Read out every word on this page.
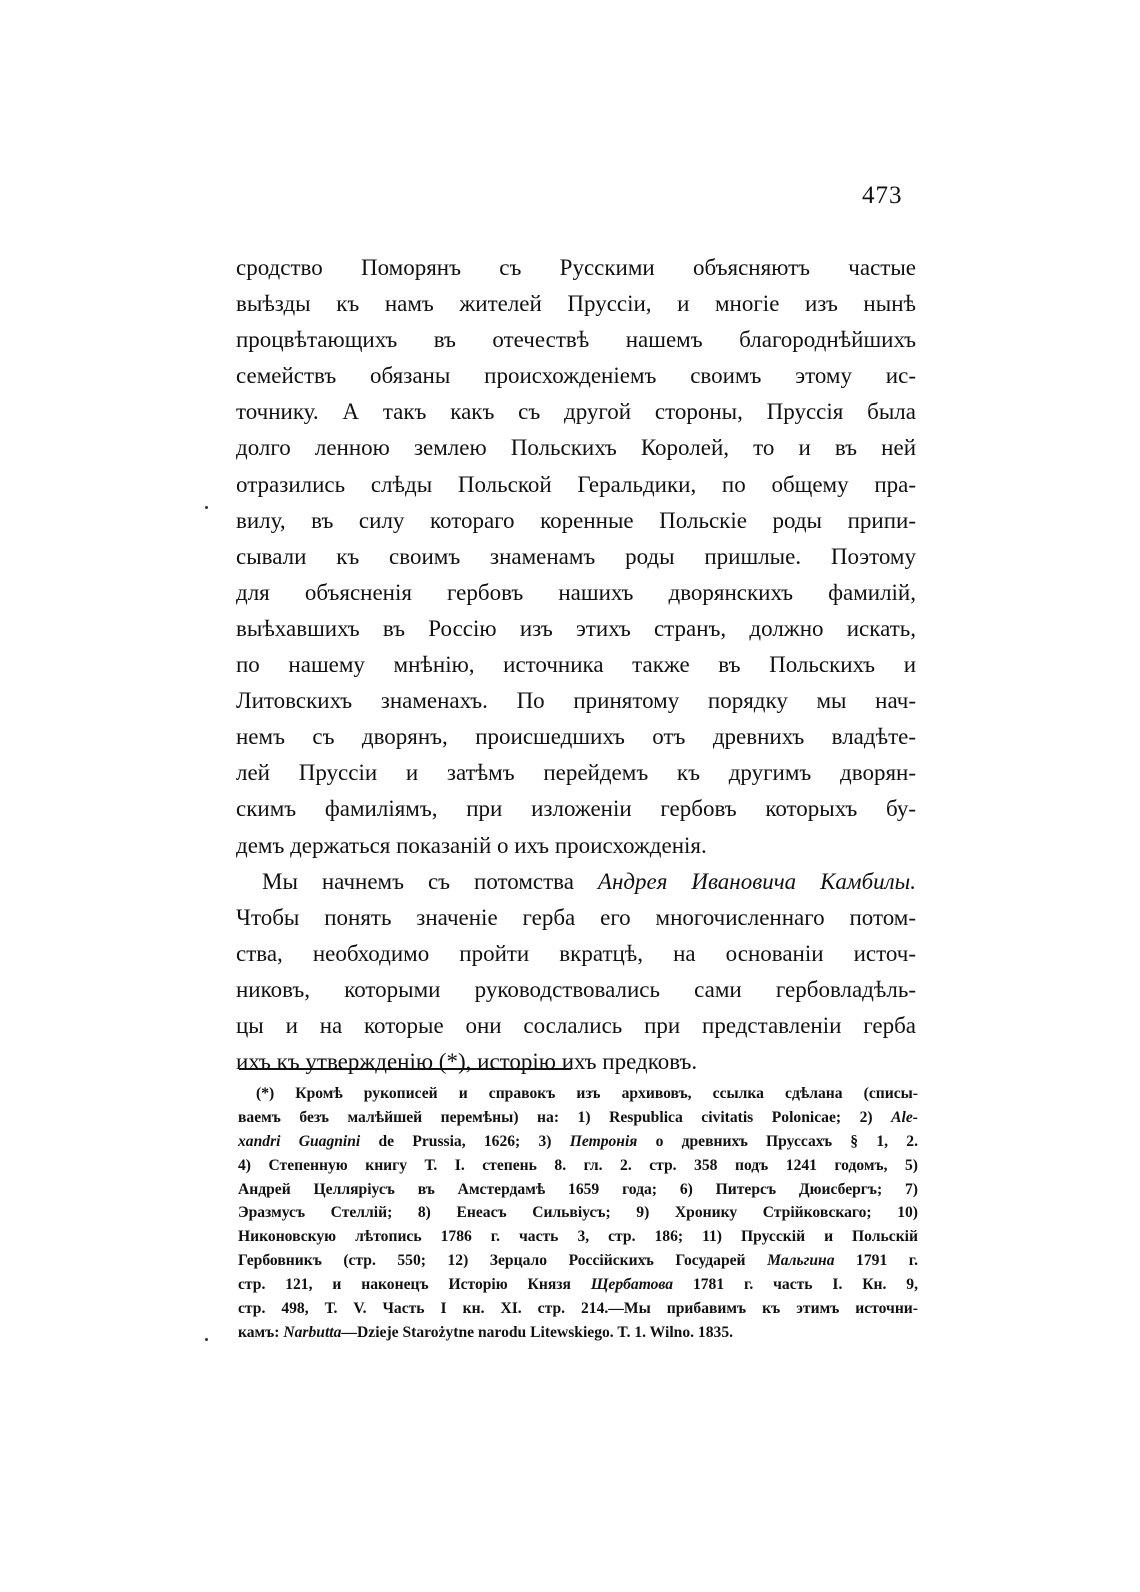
473
сродство Поморянъ съ Русскими объясняютъ частые
выѣзды къ намъ жителей Пруссіи, и многіе изъ нынѣ
процвѣтающихъ въ отечествѣ нашемъ благороднѣйшихъ
семействъ обязаны происхожденіемъ своимъ этому ис-
точнику. А такъ какъ съ другой стороны, Пруссія была
долго ленною землею Польскихъ Королей, то и въ ней
отразились слѣды Польской Геральдики, по общему пра-
вилу, въ силу котораго коренные Польскіе роды припи-
сывали къ своимъ знаменамъ роды пришлые. Поэтому
для объясненія гербовъ нашихъ дворянскихъ фамилій,
выѣхавшихъ въ Россію изъ этихъ странъ, должно искать,
по нашему мнѣнію, источника также въ Польскихъ и
Литовскихъ знаменахъ. По принятому порядку мы нач-
немъ съ дворянъ, происшедшихъ отъ древнихъ владѣте-
лей Пруссіи и затѣмъ перейдемъ къ другимъ дворян-
скимъ фамиліямъ, при изложеніи гербовъ которыхъ бу-
демъ держаться показаній о ихъ происхожденія.
Мы начнемъ съ потомства Андрея Ивановича Камбилы.
Чтобы понять значеніе герба его многочисленнаго потом-
ства, необходимо пройти вкратцѣ, на основаніи источ-
никовъ, которыми руководствовались сами гербовладѣль-
цы и на которые они сослались при представленіи герба
ихъ къ утвержденію (*), исторію ихъ предковъ.
(*) Кромѣ рукописей и справокъ изъ архивовъ, ссылка сдѣлана (списы-
ваемъ безъ малѣйшей перемѣны) на: 1) Respublica civitatis Polonicae; 2) Ale-
xandri Guagnini de Prussia, 1626; 3) Петронія о древнихъ Пруссахъ § 1, 2.
4) Степенную книгу Т. I. степень 8. гл. 2. стр. 358 подъ 1241 годомъ, 5)
Андрей Целляріусъ въ Амстердамѣ 1659 года; 6) Питерсъ Дюисбергъ; 7)
Эразмусъ Стеллій; 8) Енеасъ Сильвіусъ; 9) Хронику Стрійковскаго; 10)
Никоновскую лѣтопись 1786 г. часть 3, стр. 186; 11) Прусскій и Польскій
Гербовникъ (стр. 550; 12) Зерцало Россійскихъ Государей Мальгина 1791 г.
стр. 121, и наконецъ Исторію Князя Щербатова 1781 г. часть I. Кн. 9,
стр. 498, Т. V. Часть I кн. XI. стр. 214.—Мы прибавимъ къ этимъ источни-
камъ: Narbutta—Dzieje Starożytne narodu Litewskiego. T. 1. Wilno. 1835.
